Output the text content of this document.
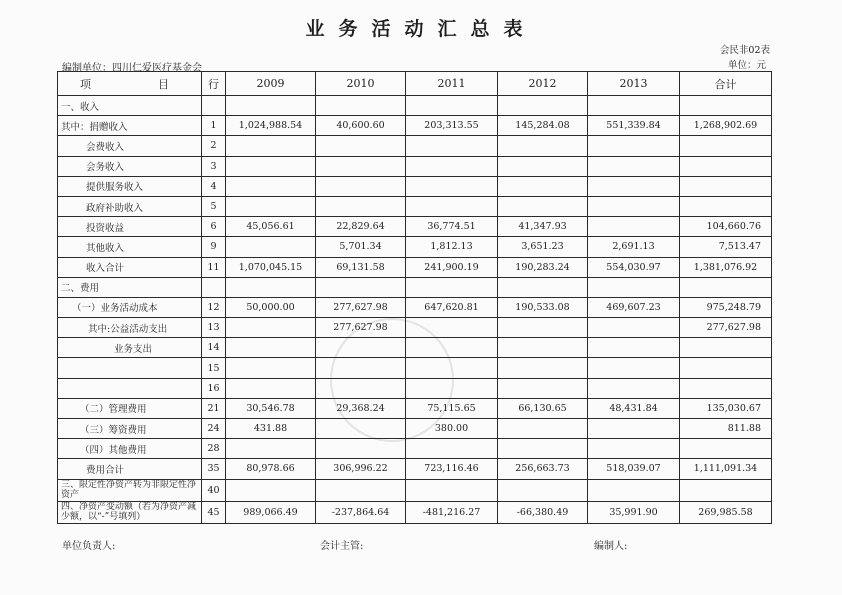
业务活动汇总表
会民非02表
编制单位：四川仁爱医疗基金会	单位：元
项 目	行	2009	2010	2011	2012	2013	合计
一、收入							
其中：捐赠收入	1	1,024,988.54	40,600.60	203,313.55	145,284.08	551,339.84	1,268,902.69
会费收入	2						
会务收入	3						
提供服务收入	4						
政府补助收入	5						
投资收益	6	45,056.61	22,829.64	36,774.51	41,347.93		104,660.76
其他收入	9		5,701.34	1,812.13	3,651.23	2,691.13	7,513.47
收入合计	11	1,070,045.15	69,131.58	241,900.19	190,283.24	554,030.97	1,381,076.92
二、费用							
（一）业务活动成本	12	50,000.00	277,627.98	647,620.81	190,533.08	469,607.23	975,248.79
其中:公益活动支出	13		277,627.98				277,627.98
业务支出	14						
	15						
	16						
（二）管理费用	21	30,546.78	29,368.24	75,115.65	66,130.65	48,431.84	135,030.67
（三）筹资费用	24	431.88		380.00			811.88
（四）其他费用	28						
费用合计	35	80,978.66	306,996.22	723,116.46	256,663.73	518,039.07	1,111,091.34
三、限定性净资产转为非限定性净资产	40						
四、净资产变动额（若为净资产减少额，以“-”号填列）	45	989,066.49	-237,864.64	-481,216.27	-66,380.49	35,991.90	269,985.58
单位负责人:	会计主管:	编制人:
